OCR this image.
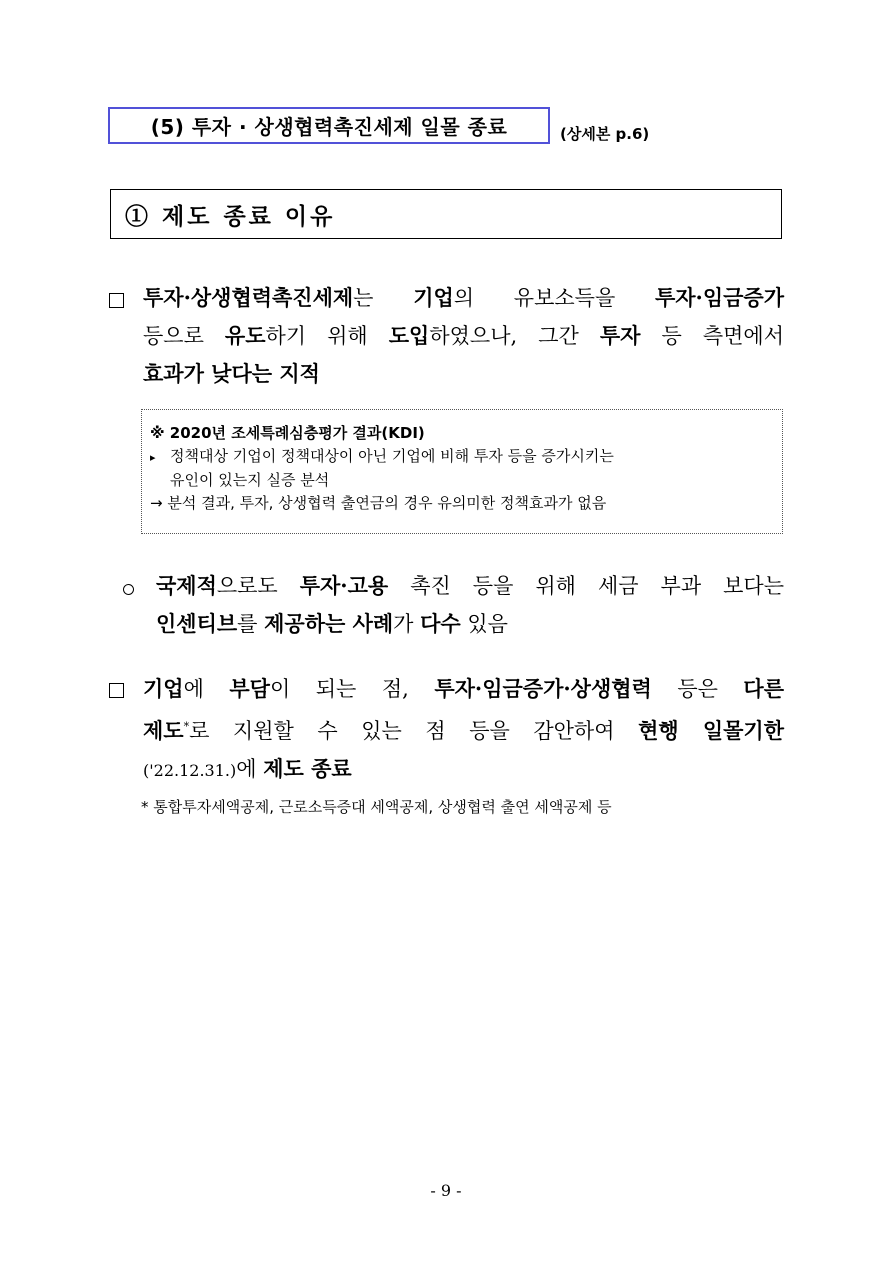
(5) 투자 · 상생협력촉진세제 일몰 종료	(상세본 p.6)
① 제도 종료 이유
투자·상생협력촉진세제는 기업의 유보소득을 투자·임금증가
등으로 유도하기 위해 도입하였으나, 그간 투자 등 측면에서
효과가 낮다는 지적
※ 2020년 조세특례심층평가 결과(KDI)
▸ 정책대상 기업이 정책대상이 아닌 기업에 비해 투자 등을 증가시키는
유인이 있는지 실증 분석
→ 분석 결과, 투자, 상생협력 출연금의 경우 유의미한 정책효과가 없음
국제적으로도 투자·고용 촉진 등을 위해 세금 부과 보다는
인센티브를 제공하는 사례가 다수 있음
기업에 부담이 되는 점, 투자·임금증가·상생협력 등은 다른
제도*로 지원할 수 있는 점 등을 감안하여 현행 일몰기한
('22.12.31.)에 제도 종료
* 통합투자세액공제, 근로소득증대 세액공제, 상생협력 출연 세액공제 등
- 9 -
